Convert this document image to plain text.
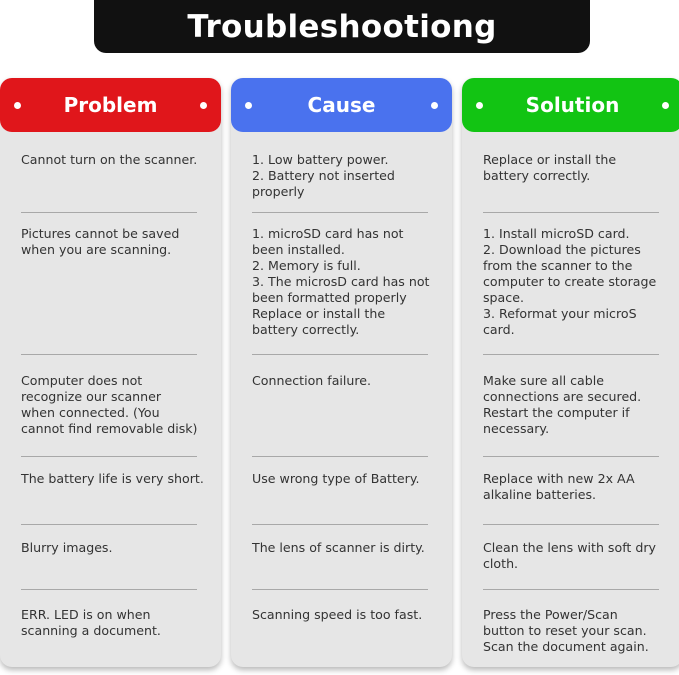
Troubleshootiong
Problem
Cannot turn on the scanner.
Pictures cannot be saved
when you are scanning.
Computer does not
recognize our scanner
when connected. (You
cannot find removable disk)
The battery life is very short.
Blurry images.
ERR. LED is on when
scanning a document.
Cause
1. Low battery power.
2. Battery not inserted
properly
1. microSD card has not
been installed.
2. Memory is full.
3. The microsD card has not
been formatted properly
Replace or install the
battery correctly.
Connection failure.
Use wrong type of Battery.
The lens of scanner is dirty.
Scanning speed is too fast.
Solution
Replace or install the
battery correctly.
1. Install microSD card.
2. Download the pictures
from the scanner to the
computer to create storage
space.
3. Reformat your microS
card.
Make sure all cable
connections are secured.
Restart the computer if
necessary.
Replace with new 2x AA
alkaline batteries.
Clean the lens with soft dry
cloth.
Press the Power/Scan
button to reset your scan.
Scan the document again.
